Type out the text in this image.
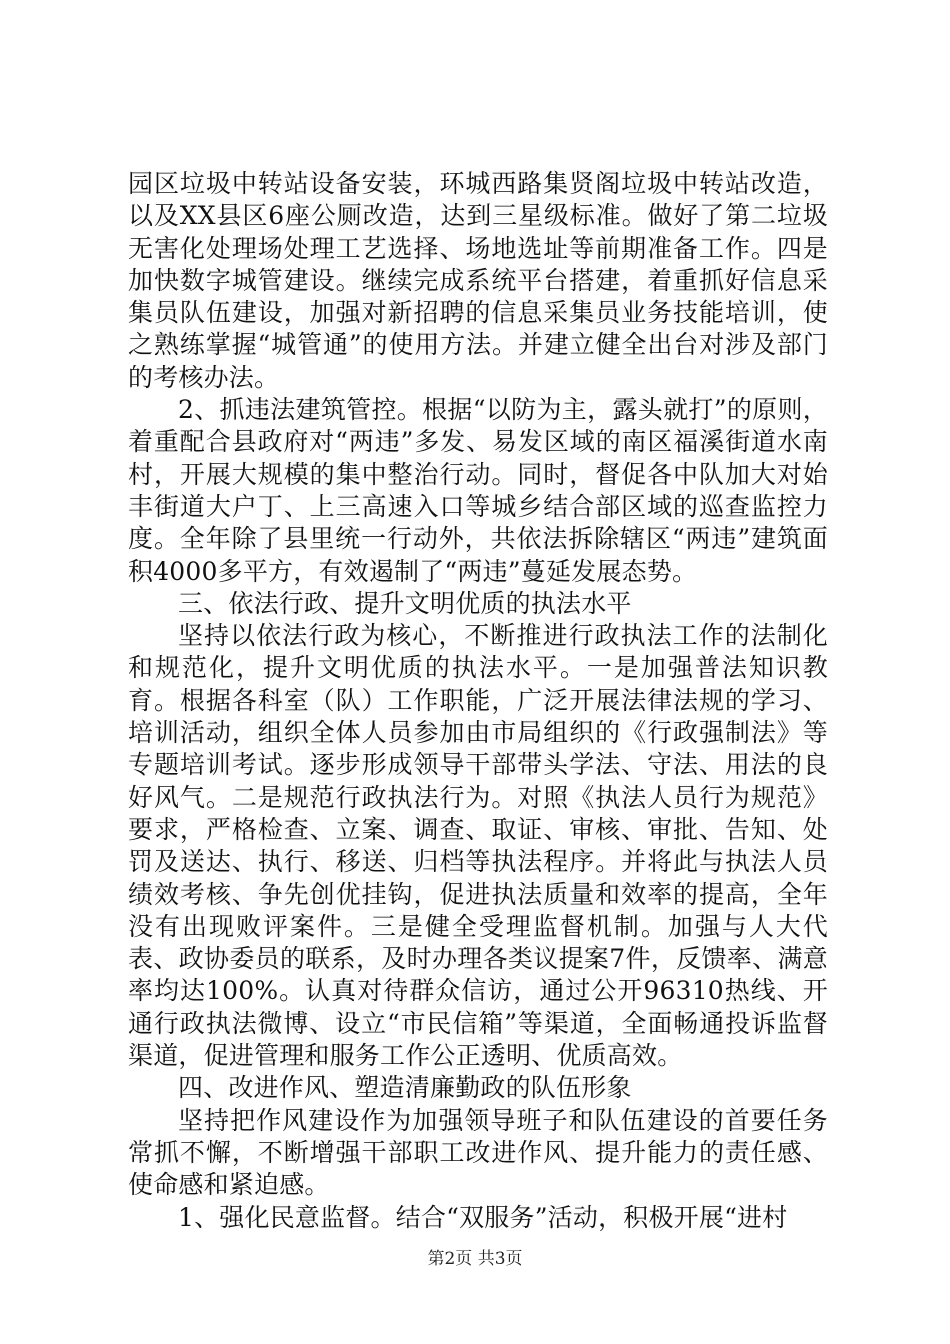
园区垃圾中转站设备安装，环城西路集贤阁垃圾中转站改造，以及XX县区6座公厕改造，达到三星级标准。做好了第二垃圾无害化处理场处理工艺选择、场地选址等前期准备工作。四是加快数字城管建设。继续完成系统平台搭建，着重抓好信息采集员队伍建设，加强对新招聘的信息采集员业务技能培训，使之熟练掌握“城管通”的使用方法。并建立健全出台对涉及部门的考核办法。

2、抓违法建筑管控。根据“以防为主，露头就打”的原则，着重配合县政府对“两违”多发、易发区域的南区福溪街道水南村，开展大规模的集中整治行动。同时，督促各中队加大对始丰街道大户丁、上三高速入口等城乡结合部区域的巡查监控力度。全年除了县里统一行动外，共依法拆除辖区“两违”建筑面积4000多平方，有效遏制了“两违”蔓延发展态势。

三、依法行政、提升文明优质的执法水平

坚持以依法行政为核心，不断推进行政执法工作的法制化和规范化，提升文明优质的执法水平。一是加强普法知识教育。根据各科室（队）工作职能，广泛开展法律法规的学习、培训活动，组织全体人员参加由市局组织的《行政强制法》等专题培训考试。逐步形成领导干部带头学法、守法、用法的良好风气。二是规范行政执法行为。对照《执法人员行为规范》要求，严格检查、立案、调查、取证、审核、审批、告知、处罚及送达、执行、移送、归档等执法程序。并将此与执法人员绩效考核、争先创优挂钩，促进执法质量和效率的提高，全年没有出现败评案件。三是健全受理监督机制。加强与人大代表、政协委员的联系，及时办理各类议提案7件，反馈率、满意率均达100%。认真对待群众信访，通过公开96310热线、开通行政执法微博、设立“市民信箱”等渠道，全面畅通投诉监督渠道，促进管理和服务工作公正透明、优质高效。

四、改进作风、塑造清廉勤政的队伍形象

坚持把作风建设作为加强领导班子和队伍建设的首要任务常抓不懈，不断增强干部职工改进作风、提升能力的责任感、使命感和紧迫感。

1、强化民意监督。结合“双服务”活动，积极开展“进村

第2页 共3页
